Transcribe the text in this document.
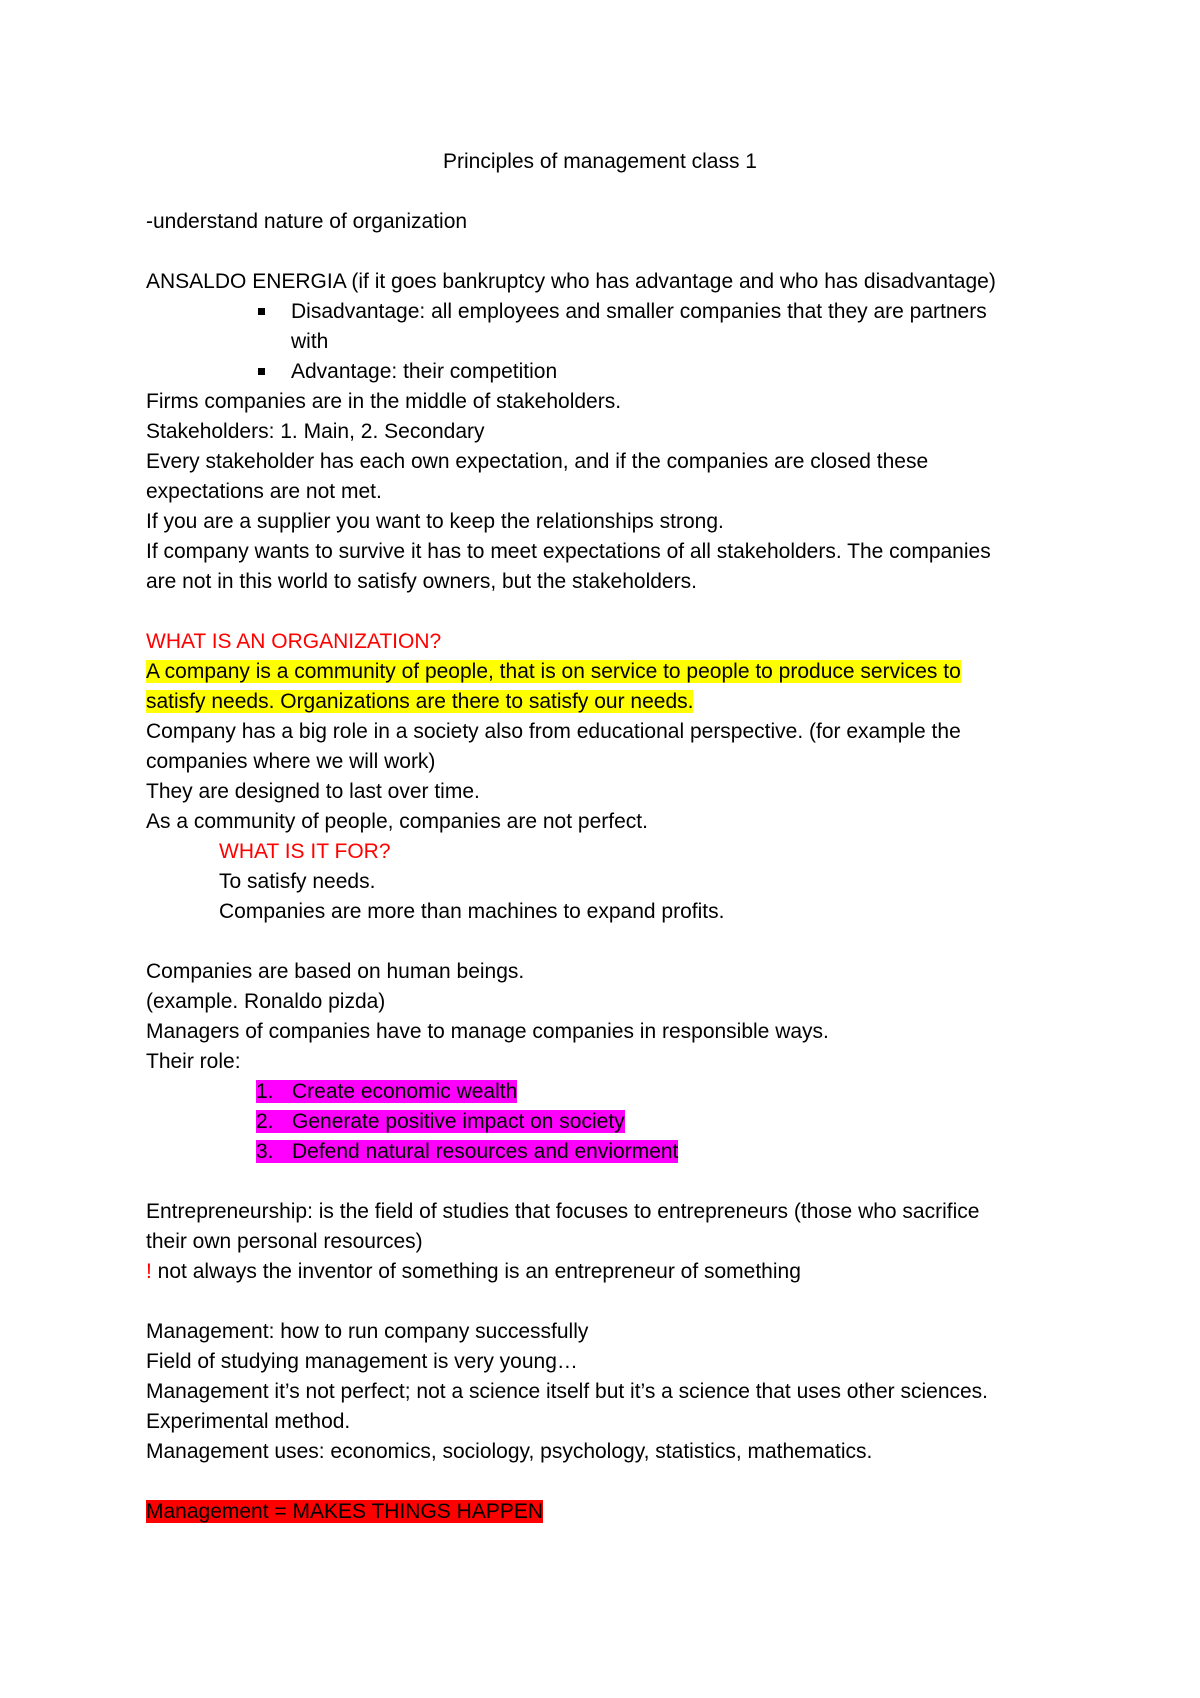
Principles of management class 1
-understand nature of organization
ANSALDO ENERGIA (if it goes bankruptcy who has advantage and who has disadvantage)
Disadvantage: all employees and smaller companies that they are partners
with
Advantage: their competition
Firms companies are in the middle of stakeholders.
Stakeholders: 1. Main, 2. Secondary
Every stakeholder has each own expectation, and if the companies are closed these
expectations are not met.
If you are a supplier you want to keep the relationships strong.
If company wants to survive it has to meet expectations of all stakeholders. The companies
are not in this world to satisfy owners, but the stakeholders.
WHAT IS AN ORGANIZATION?
A company is a community of people, that is on service to people to produce services to
satisfy needs. Organizations are there to satisfy our needs.
Company has a big role in a society also from educational perspective. (for example the
companies where we will work)
They are designed to last over time.
As a community of people, companies are not perfect.
WHAT IS IT FOR?
To satisfy needs.
Companies are more than machines to expand profits.
Companies are based on human beings.
(example. Ronaldo pizda)
Managers of companies have to manage companies in responsible ways.
Their role:
1. Create economic wealth
2. Generate positive impact on society
3. Defend natural resources and enviorment
Entrepreneurship: is the field of studies that focuses to entrepreneurs (those who sacrifice
their own personal resources)
! not always the inventor of something is an entrepreneur of something
Management: how to run company successfully
Field of studying management is very young…
Management it’s not perfect; not a science itself but it’s a science that uses other sciences.
Experimental method.
Management uses: economics, sociology, psychology, statistics, mathematics.
Management = MAKES THINGS HAPPEN
